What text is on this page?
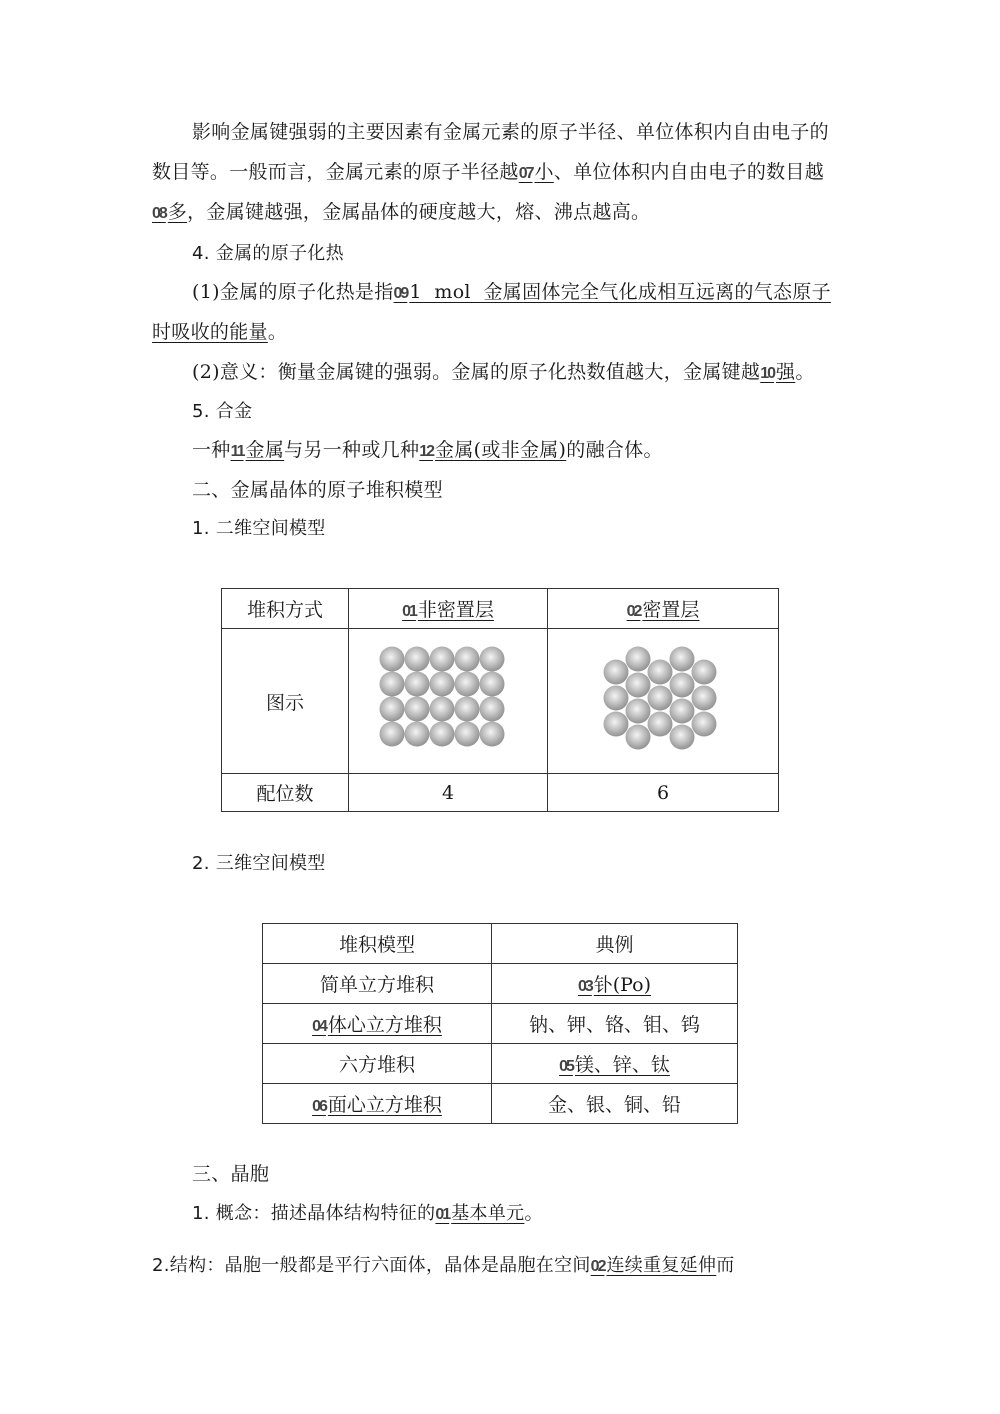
影响金属键强弱的主要因素有金属元素的原子半径、单位体积内自由电子的
数目等。一般而言，金属元素的原子半径越07 小、单位体积内自由电子的数目越
08 多，金属键越强，金属晶体的硬度越大，熔、沸点越高。
4. 金属的原子化热
(1)金属的原子化热是指09 1  mol  金属固体完全气化成相互远离的气态原子
时吸收的能量。
(2)意义：衡量金属键的强弱。金属的原子化热数值越大，金属键越10 强。
5. 合金
一种11 金属与另一种或几种12 金属(或非金属)的融合体。
二、金属晶体的原子堆积模型
1. 二维空间模型
堆积方式	01 非密置层	02 密置层
图示	

配位数	4	6
2. 三维空间模型
堆积模型	典例
简单立方堆积	03 钋(Po)
04 体心立方堆积	钠、钾、铬、钼、钨
六方堆积	05 镁、锌、钛
06 面心立方堆积	金、银、铜、铅
三、晶胞
1. 概念：描述晶体结构特征的01 基本单元。
2.结构：晶胞一般都是平行六面体，晶体是晶胞在空间02 连续重复延伸而
